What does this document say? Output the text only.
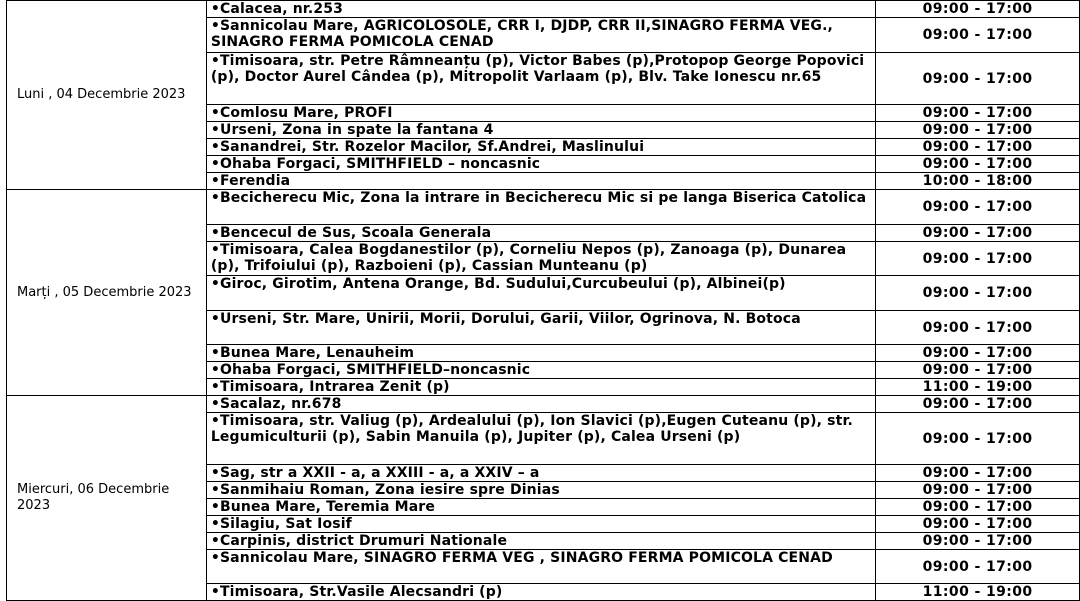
Luni , 04 Decembrie 2023	•Calacea, nr.253	09:00 - 17:00
	•Sannicolau Mare, AGRICOLOSOLE, CRR I, DJDP, CRR II,SINAGRO FERMA VEG., SINAGRO FERMA POMICOLA CENAD	09:00 - 17:00
	•Timisoara, str. Petre Râmneanțu (p), Victor Babes (p),Protopop George Popovici (p), Doctor Aurel Cândea (p), Mitropolit Varlaam (p), Blv. Take Ionescu nr.65	09:00 - 17:00
	•Comlosu Mare, PROFI	09:00 - 17:00
	•Urseni, Zona in spate la fantana 4	09:00 - 17:00
	•Sanandrei, Str. Rozelor Macilor, Sf.Andrei, Maslinului	09:00 - 17:00
	•Ohaba Forgaci, SMITHFIELD – noncasnic	09:00 - 17:00
	•Ferendia	10:00 - 18:00
Marți , 05 Decembrie 2023	•Becicherecu Mic, Zona la intrare in Becicherecu Mic si pe langa Biserica Catolica	09:00 - 17:00
	•Bencecul de Sus, Scoala Generala	09:00 - 17:00
	•Timisoara, Calea Bogdanestilor (p), Corneliu Nepos (p), Zanoaga (p), Dunarea (p), Trifoiului (p), Razboieni (p), Cassian Munteanu (p)	09:00 - 17:00
	•Giroc, Girotim, Antena Orange, Bd. Sudului,Curcubeului (p), Albinei(p)	09:00 - 17:00
	•Urseni, Str. Mare, Unirii, Morii, Dorului, Garii, Viilor, Ogrinova, N. Botoca	09:00 - 17:00
	•Bunea Mare, Lenauheim	09:00 - 17:00
	•Ohaba Forgaci, SMITHFIELD–noncasnic	09:00 - 17:00
	•Timisoara, Intrarea Zenit (p)	11:00 - 19:00
Miercuri, 06 Decembrie 2023	•Sacalaz, nr.678	09:00 - 17:00
	•Timisoara, str. Valiug (p), Ardealului (p), Ion Slavici (p),Eugen Cuteanu (p), str. Legumiculturii (p), Sabin Manuila (p), Jupiter (p), Calea Urseni (p)	09:00 - 17:00
	•Sag, str a XXII - a, a XXIII - a, a XXIV – a	09:00 - 17:00
	•Sanmihaiu Roman, Zona iesire spre Dinias	09:00 - 17:00
	•Bunea Mare, Teremia Mare	09:00 - 17:00
	•Silagiu, Sat Iosif	09:00 - 17:00
	•Carpinis, district Drumuri Nationale	09:00 - 17:00
	•Sannicolau Mare, SINAGRO FERMA VEG , SINAGRO FERMA POMICOLA CENAD	09:00 - 17:00
	•Timisoara, Str.Vasile Alecsandri (p)	11:00 - 19:00
